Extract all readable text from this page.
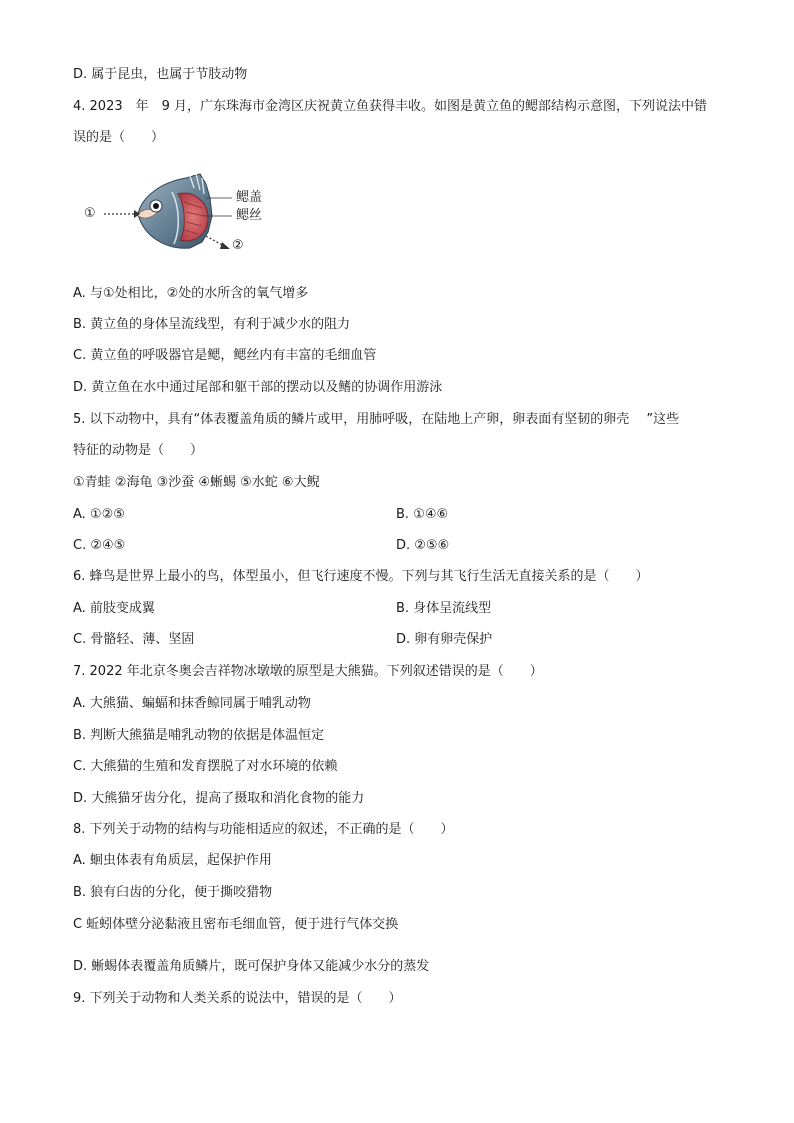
D. 属于昆虫，也属于节肢动物
4. 2023　年　9 月，广东珠海市金湾区庆祝黄立鱼获得丰收。如图是黄立鱼的鳃部结构示意图，下列说法中错
误的是（　　）
①
②
鳃盖
鳃丝
A. 与①处相比，②处的水所含的氧气增多
B. 黄立鱼的身体呈流线型，有利于减少水的阻力
C. 黄立鱼的呼吸器官是鳃，鳃丝内有丰富的毛细血管
D. 黄立鱼在水中通过尾部和躯干部的摆动以及鳍的协调作用游泳
5. 以下动物中，具有“体表覆盖角质的鳞片或甲，用肺呼吸，在陆地上产卵，卵表面有坚韧的卵壳　 ”这些
特征的动物是（　　）
①青蛙 ②海龟 ③沙蚕 ④蜥蜴 ⑤水蛇 ⑥大鲵
A. ①②⑤	B. ①④⑥
C. ②④⑤	D. ②⑤⑥
6. 蜂鸟是世界上最小的鸟，体型虽小，但飞行速度不慢。下列与其飞行生活无直接关系的是（　　）
A. 前肢变成翼	B. 身体呈流线型
C. 骨骼轻、薄、坚固	D. 卵有卵壳保护
7. 2022 年北京冬奥会吉祥物冰墩墩的原型是大熊猫。下列叙述错误的是（　　）
A. 大熊猫、蝙蝠和抹香鲸同属于哺乳动物
B. 判断大熊猫是哺乳动物的依据是体温恒定
C. 大熊猫的生殖和发育摆脱了对水环境的依赖
D. 大熊猫牙齿分化，提高了摄取和消化食物的能力
8. 下列关于动物的结构与功能相适应的叙述，不正确的是（　　）
A. 蛔虫体表有角质层，起保护作用
B. 狼有臼齿的分化，便于撕咬猎物
C 蚯蚓体壁分泌黏液且密布毛细血管，便于进行气体交换
D. 蜥蜴体表覆盖角质鳞片，既可保护身体又能减少水分的蒸发
9. 下列关于动物和人类关系的说法中，错误的是（　　）
